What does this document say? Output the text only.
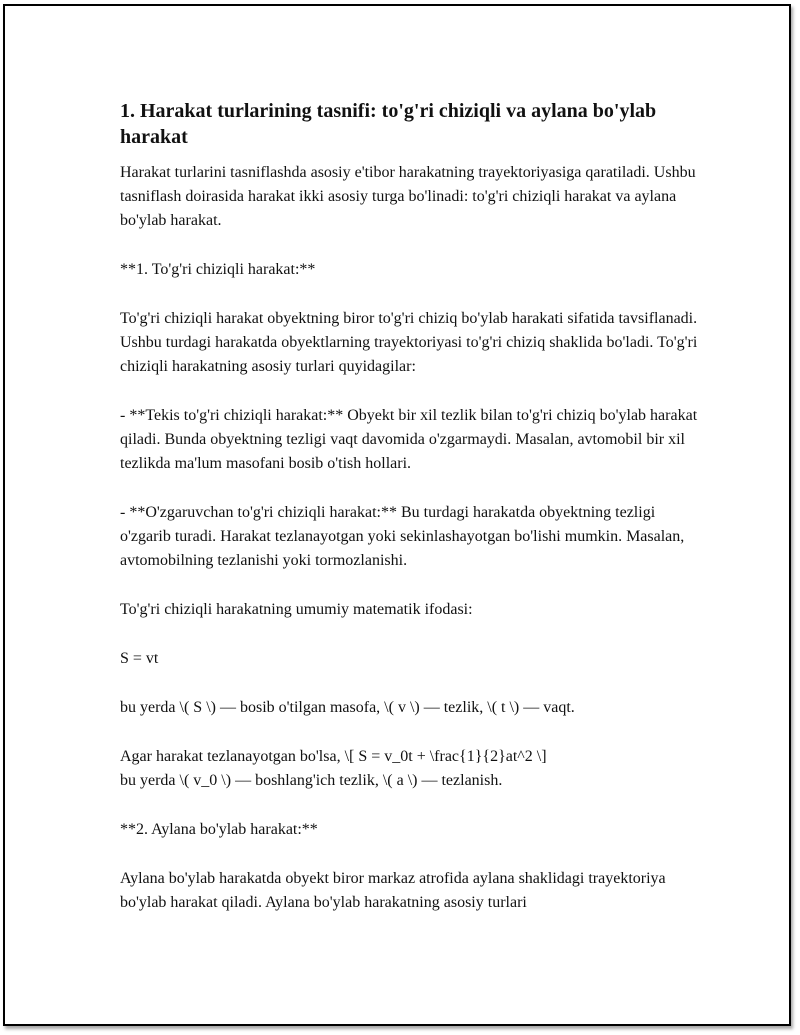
1. Harakat turlarining tasnifi: to'g'ri chiziqli va aylana bo'ylab harakat

Harakat turlarini tasniflashda asosiy e'tibor harakatning trayektoriyasiga qaratiladi. Ushbu tasniflash doirasida harakat ikki asosiy turga bo'linadi: to'g'ri chiziqli harakat va aylana bo'ylab harakat.

**1. To'g'ri chiziqli harakat:**

To'g'ri chiziqli harakat obyektning biror to'g'ri chiziq bo'ylab harakati sifatida tavsiflanadi. Ushbu turdagi harakatda obyektlarning trayektoriyasi to'g'ri chiziq shaklida bo'ladi. To'g'ri chiziqli harakatning asosiy turlari quyidagilar:

- **Tekis to'g'ri chiziqli harakat:** Obyekt bir xil tezlik bilan to'g'ri chiziq bo'ylab harakat qiladi. Bunda obyektning tezligi vaqt davomida o'zgarmaydi. Masalan, avtomobil bir xil tezlikda ma'lum masofani bosib o'tish hollari.

- **O'zgaruvchan to'g'ri chiziqli harakat:** Bu turdagi harakatda obyektning tezligi o'zgarib turadi. Harakat tezlanayotgan yoki sekinlashayotgan bo'lishi mumkin. Masalan, avtomobilning tezlanishi yoki tormozlanishi.

To'g'ri chiziqli harakatning umumiy matematik ifodasi:

S = vt

bu yerda \( S \) — bosib o'tilgan masofa, \( v \) — tezlik, \( t \) — vaqt.

Agar harakat tezlanayotgan bo'lsa, \[ S = v_0t + \frac{1}{2}at^2 \]

bu yerda \( v_0 \) — boshlang'ich tezlik, \( a \) — tezlanish.

**2. Aylana bo'ylab harakat:**

Aylana bo'ylab harakatda obyekt biror markaz atrofida aylana shaklidagi trayektoriya bo'ylab harakat qiladi. Aylana bo'ylab harakatning asosiy turlari
